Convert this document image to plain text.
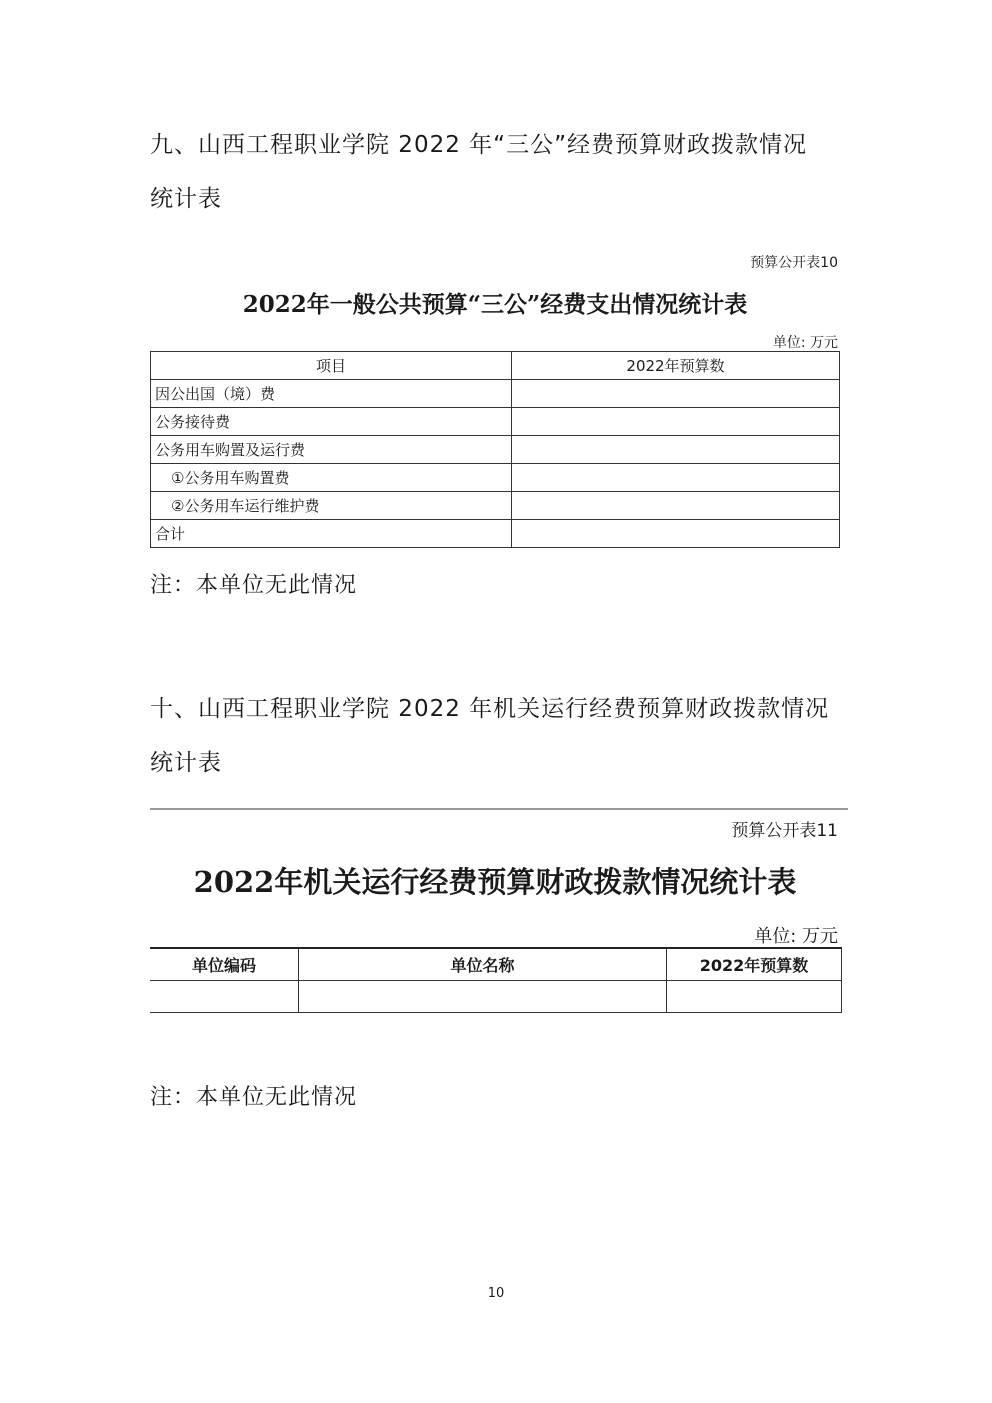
九、山西工程职业学院 2022 年“三公”经费预算财政拨款情况
统计表
预算公开表10
2022年一般公共预算“三公”经费支出情况统计表
单位: 万元
项目	2022年预算数
因公出国（境）费	
公务接待费	
公务用车购置及运行费	
①公务用车购置费	
②公务用车运行维护费	
合计	
注：本单位无此情况
十、山西工程职业学院 2022 年机关运行经费预算财政拨款情况
统计表
预算公开表11
2022年机关运行经费预算财政拨款情况统计表
单位: 万元
单位编码	单位名称	2022年预算数

注：本单位无此情况
10
